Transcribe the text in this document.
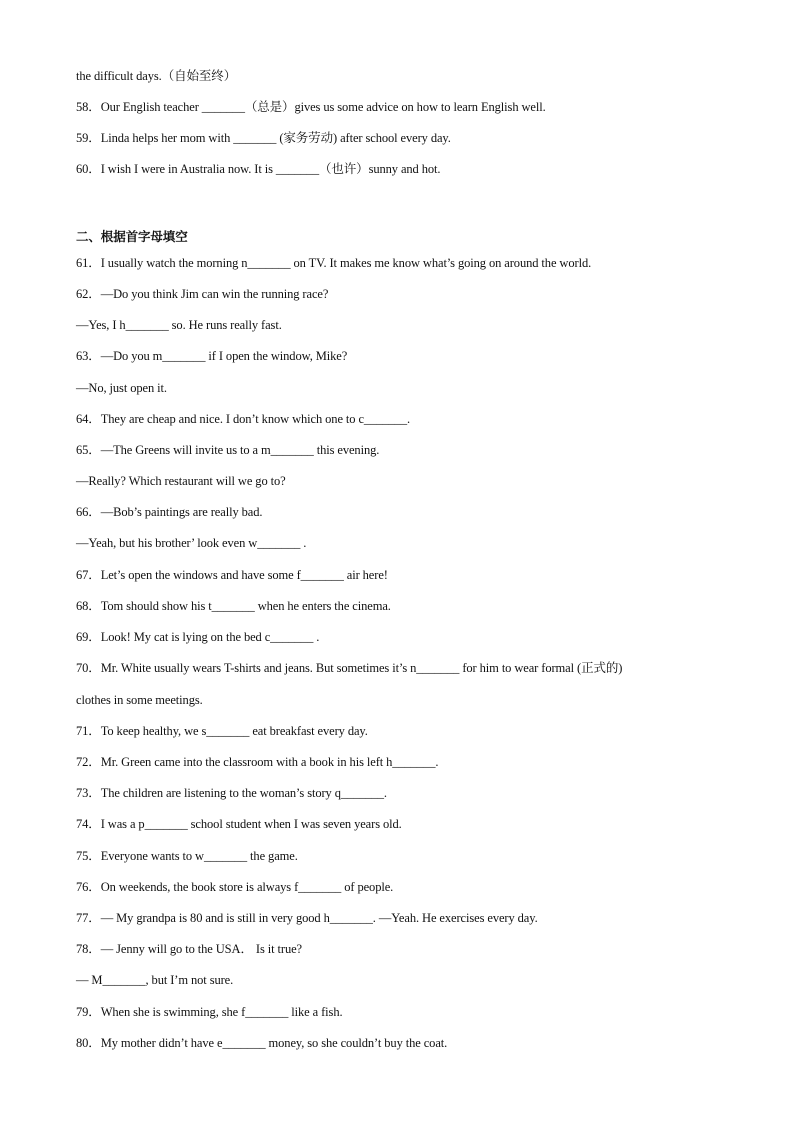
the difficult days.（自始至终）
58．Our English teacher _______（总是）gives us some advice on how to learn English well.
59．Linda helps her mom with _______ (家务劳动) after school every day.
60．I wish I were in Australia now. It is _______（也许）sunny and hot.
二、根据首字母填空
61．I usually watch the morning n_______ on TV. It makes me know what’s going on around the world.
62．—Do you think Jim can win the running race?
—Yes, I h_______ so. He runs really fast.
63．—Do you m_______ if I open the window, Mike?
—No, just open it.
64．They are cheap and nice. I don’t know which one to c_______.
65．—The Greens will invite us to a m_______ this evening.
—Really? Which restaurant will we go to?
66．—Bob’s paintings are really bad.
—Yeah, but his brother’ look even w_______ .
67．Let’s open the windows and have some f_______ air here!
68．Tom should show his t_______ when he enters the cinema.
69．Look! My cat is lying on the bed c_______ .
70．Mr. White usually wears T-shirts and jeans. But sometimes it’s n_______ for him to wear formal (正式的)
clothes in some meetings.
71．To keep healthy, we s_______ eat breakfast every day.
72．Mr. Green came into the classroom with a book in his left h_______.
73．The children are listening to the woman’s story q_______.
74．I was a p_______ school student when I was seven years old.
75．Everyone wants to w_______ the game.
76．On weekends, the book store is always f_______ of people.
77．— My grandpa is 80 and is still in very good h_______. —Yeah. He exercises every day.
78．— Jenny will go to the USA． Is it true?
— M_______, but I’m not sure.
79．When she is swimming, she f_______ like a fish.
80．My mother didn’t have e_______ money, so she couldn’t buy the coat.
